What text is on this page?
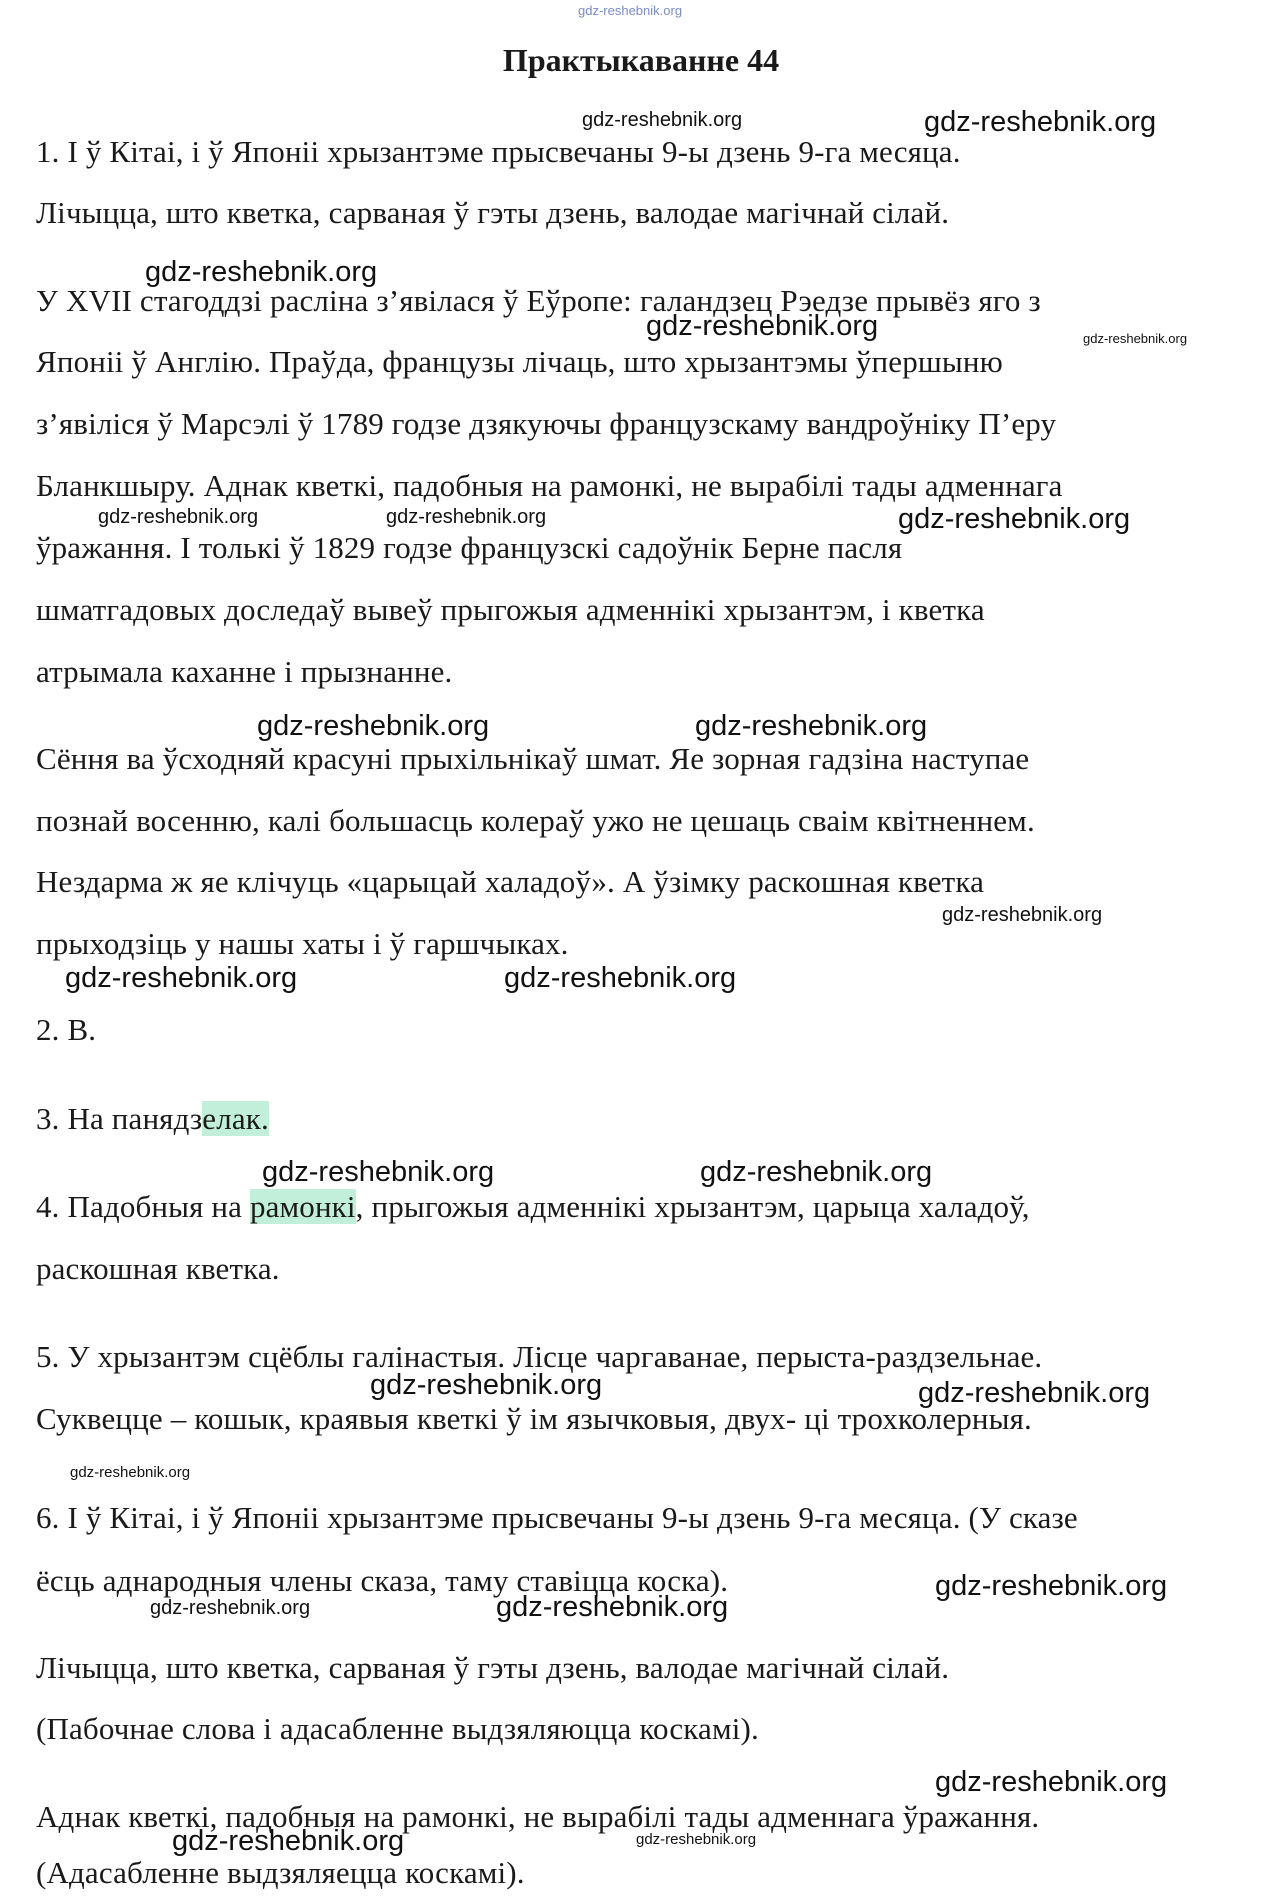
gdz-reshebnik.org
Практыкаванне 44
1. І ў Кітаі, і ў Японіі хрызантэме прысвечаны 9-ы дзень 9-га месяца.
Лічыцца, што кветка, сарваная ў гэты дзень, валодае магічнай сілай.
У XVII стагоддзі расліна з’явілася ў Еўропе: галандзец Рэедзе прывёз яго з
Японіі ў Англію. Праўда, французы лічаць, што хрызантэмы ўпершыню
з’явіліся ў Марсэлі ў 1789 годзе дзякуючы французскаму вандроўніку П’еру
Бланкшыру. Аднак кветкі, падобныя на рамонкі, не вырабілі тады адменнага
ўражання. І толькі ў 1829 годзе французскі садоўнік Берне пасля
шматгадовых доследаў вывеў прыгожыя адменнікі хрызантэм, і кветка
атрымала каханне і прызнанне.
Сёння ва ўсходняй красуні прыхільнікаў шмат. Яе зорная гадзіна наступае
познай восенню, калі большасць колераў ужо не цешаць сваім квітненнем.
Нездарма ж яе клічуць «царыцай халадоў». А ўзімку раскошная кветка
прыходзіць у нашы хаты і ў гаршчыках.
2. В.
3. На панядзелак.
4. Падобныя на рамонкі, прыгожыя адменнікі хрызантэм, царыца халадоў,
раскошная кветка.
5. У хрызантэм сцёблы галінастыя. Лісце чаргаванае, перыста-раздзельнае.
Суквецце – кошык, краявыя кветкі ў ім язычковыя, двух- ці трохколерныя.
6. І ў Кітаі, і ў Японіі хрызантэме прысвечаны 9-ы дзень 9-га месяца. (У сказе
ёсць аднародныя члены сказа, таму ставіцца коска).
Лічыцца, што кветка, сарваная ў гэты дзень, валодае магічнай сілай.
(Пабочнае слова і адасабленне выдзяляюцца коскамі).
Аднак кветкі, падобныя на рамонкі, не вырабілі тады адменнага ўражання.
(Адасабленне выдзяляецца коскамі).
gdz-reshebnik.org	gdz-reshebnik.org
gdz-reshebnik.org
gdz-reshebnik.org	gdz-reshebnik.org
gdz-reshebnik.org	gdz-reshebnik.org	gdz-reshebnik.org
gdz-reshebnik.org	gdz-reshebnik.org
gdz-reshebnik.org
gdz-reshebnik.org	gdz-reshebnik.org
gdz-reshebnik.org	gdz-reshebnik.org
gdz-reshebnik.org	gdz-reshebnik.org
gdz-reshebnik.org
gdz-reshebnik.org
gdz-reshebnik.org	gdz-reshebnik.org
gdz-reshebnik.org
gdz-reshebnik.org	gdz-reshebnik.org
